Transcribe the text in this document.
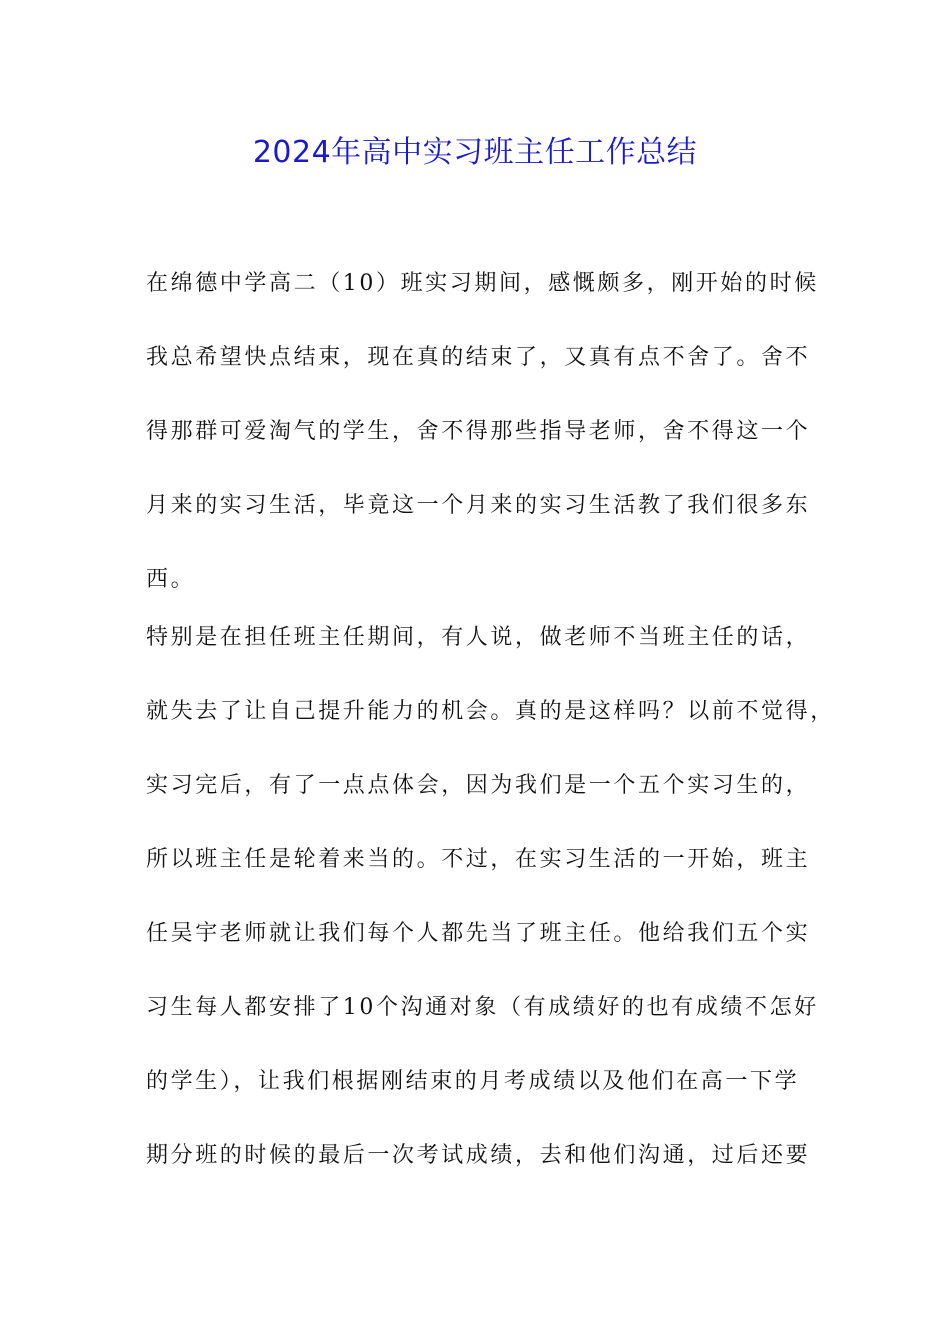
2024年高中实习班主任工作总结
在绵德中学高二（10）班实习期间，感慨颇多，刚开始的时候
我总希望快点结束，现在真的结束了，又真有点不舍了。舍不
得那群可爱淘气的学生，舍不得那些指导老师，舍不得这一个
月来的实习生活，毕竟这一个月来的实习生活教了我们很多东
西。
特别是在担任班主任期间，有人说，做老师不当班主任的话，
就失去了让自己提升能力的机会。真的是这样吗？以前不觉得，
实习完后，有了一点点体会，因为我们是一个五个实习生的，
所以班主任是轮着来当的。不过，在实习生活的一开始，班主
任吴宇老师就让我们每个人都先当了班主任。他给我们五个实
习生每人都安排了10个沟通对象（有成绩好的也有成绩不怎好
的学生），让我们根据刚结束的月考成绩以及他们在高一下学
期分班的时候的最后一次考试成绩，去和他们沟通，过后还要
